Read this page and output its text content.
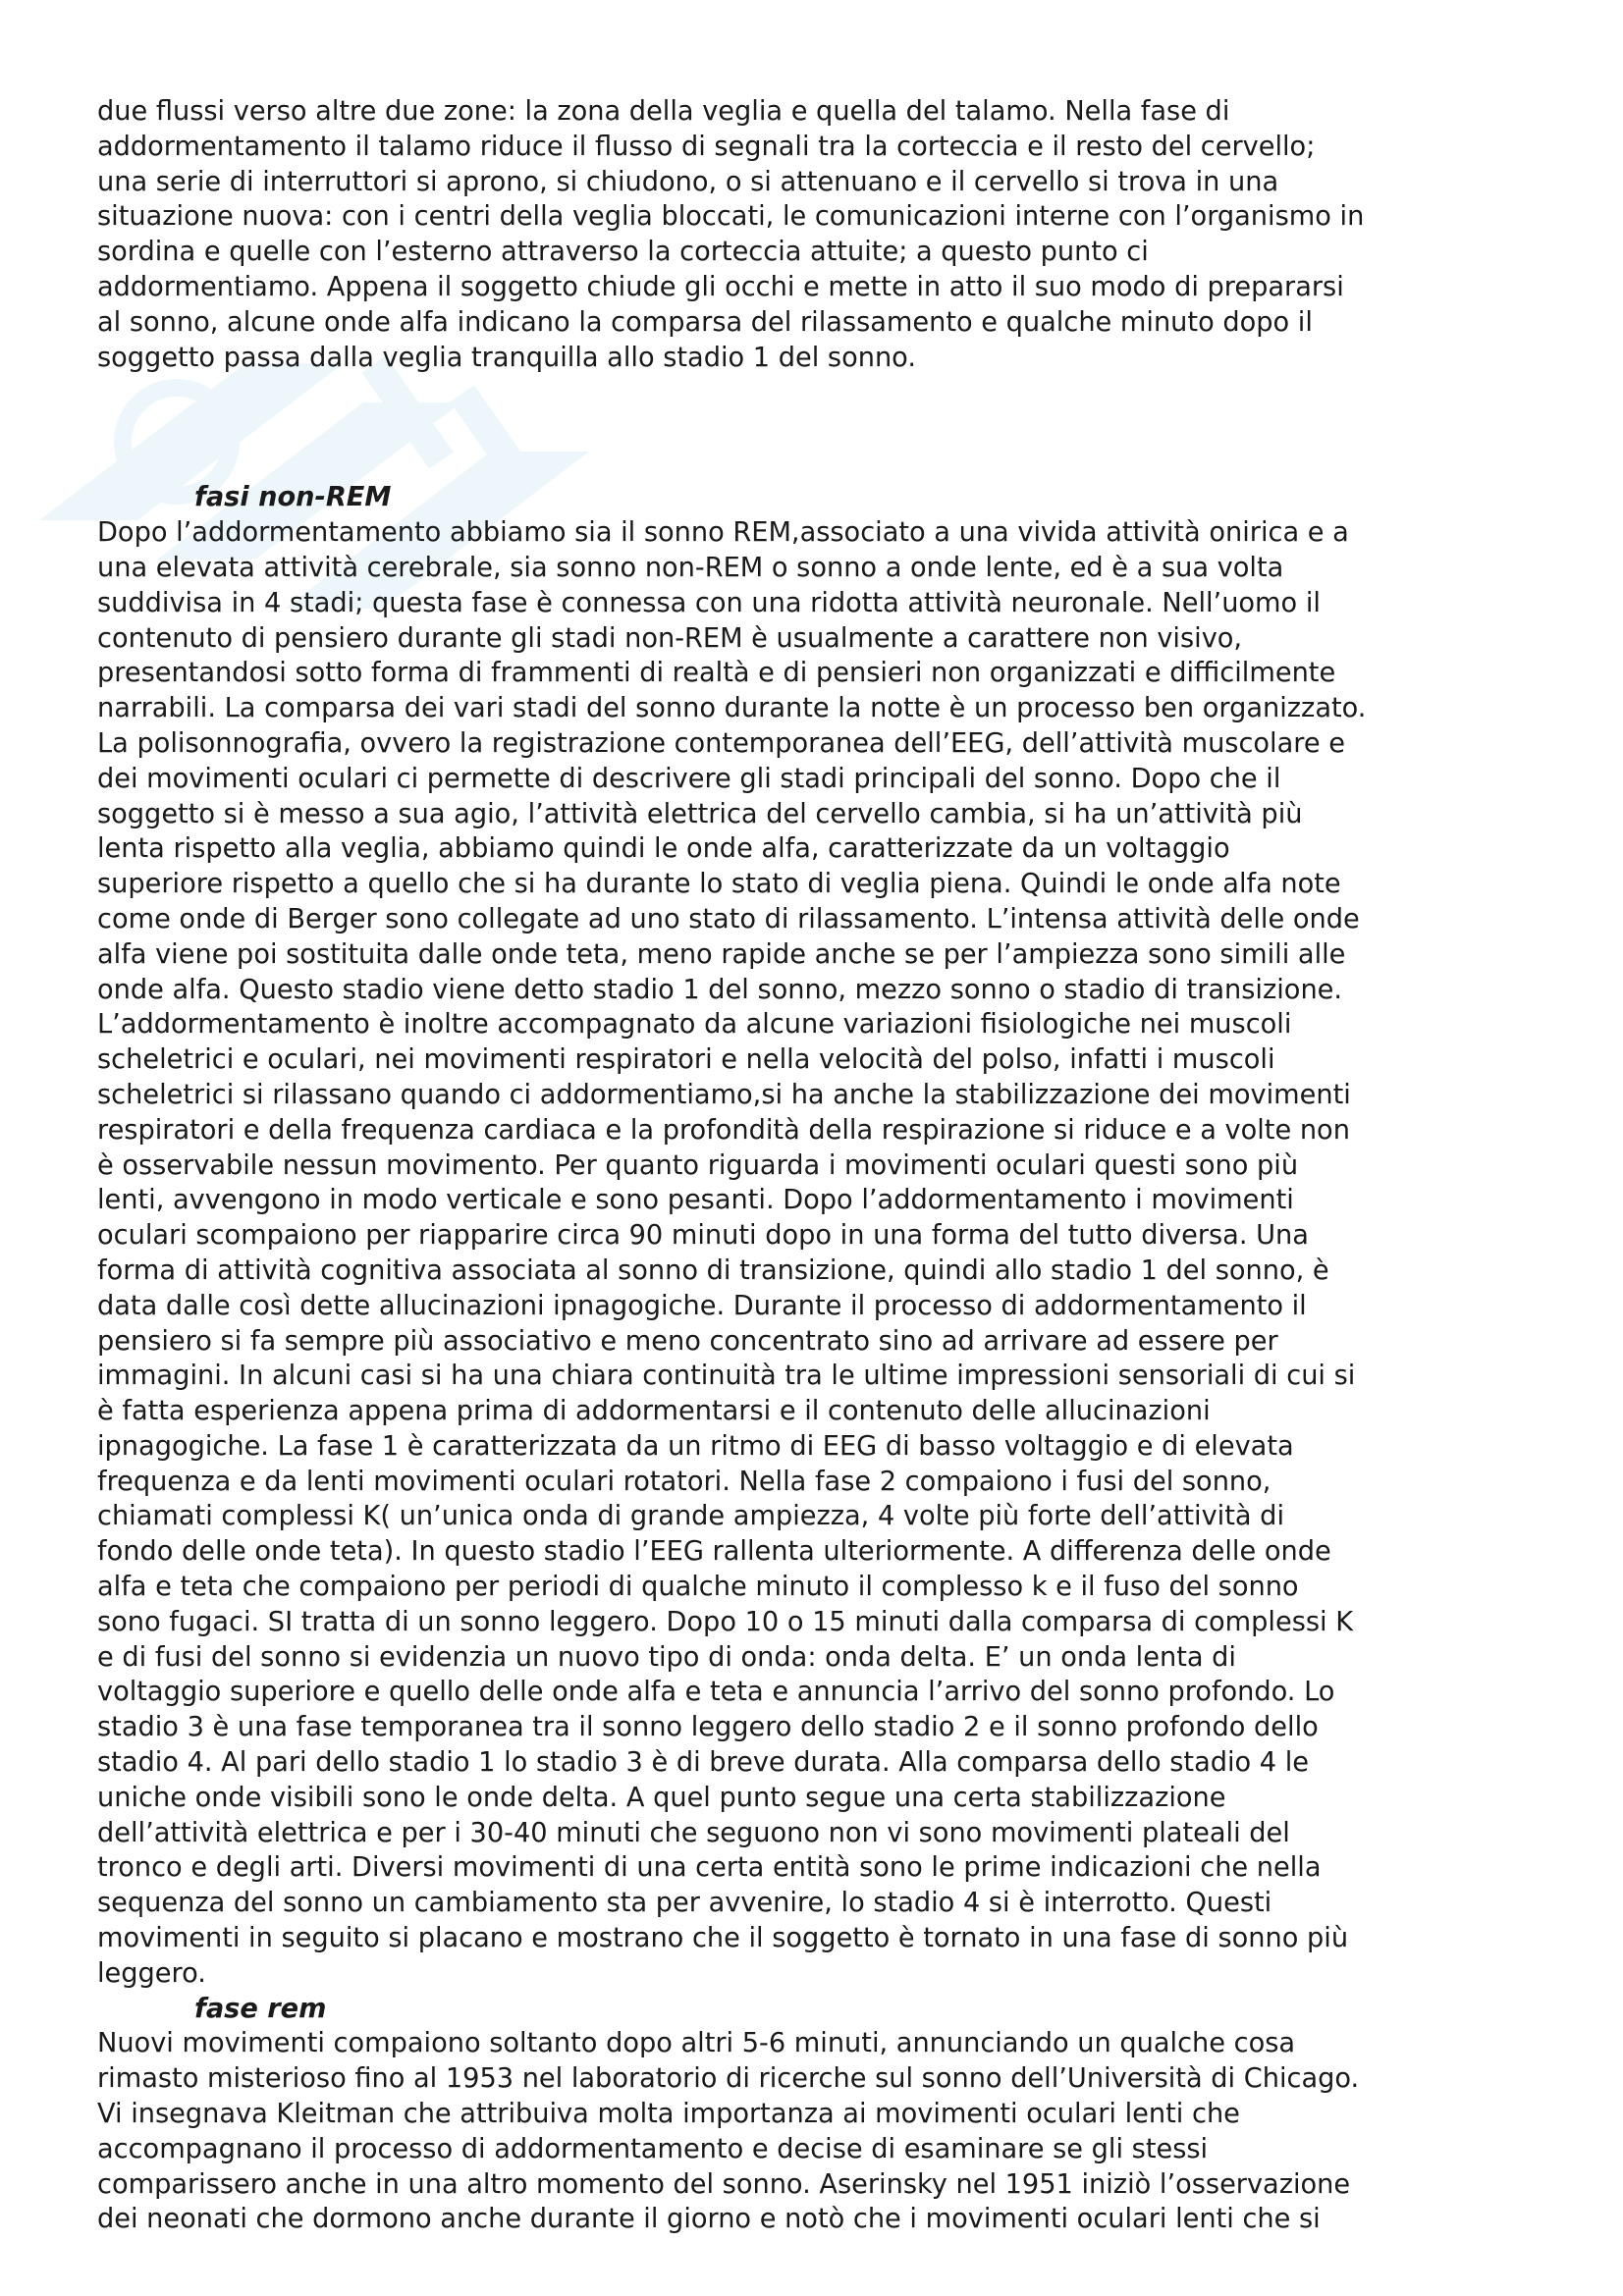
due flussi verso altre due zone: la zona della veglia e quella del talamo. Nella fase di
addormentamento il talamo riduce il flusso di segnali tra la corteccia e il resto del cervello;
una serie di interruttori si aprono, si chiudono, o si attenuano e il cervello si trova in una
situazione nuova: con i centri della veglia bloccati, le comunicazioni interne con l’organismo in
sordina e quelle con l’esterno attraverso la corteccia attuite; a questo punto ci
addormentiamo. Appena il soggetto chiude gli occhi e mette in atto il suo modo di prepararsi
al sonno, alcune onde alfa indicano la comparsa del rilassamento e qualche minuto dopo il
soggetto passa dalla veglia tranquilla allo stadio 1 del sonno.

fasi non-REM

Dopo l’addormentamento abbiamo sia il sonno REM,associato a una vivida attività onirica e a
una elevata attività cerebrale, sia sonno non-REM o sonno a onde lente, ed è a sua volta
suddivisa in 4 stadi; questa fase è connessa con una ridotta attività neuronale. Nell’uomo il
contenuto di pensiero durante gli stadi non-REM è usualmente a carattere non visivo,
presentandosi sotto forma di frammenti di realtà e di pensieri non organizzati e difficilmente
narrabili. La comparsa dei vari stadi del sonno durante la notte è un processo ben organizzato.
La polisonnografia, ovvero la registrazione contemporanea dell’EEG, dell’attività muscolare e
dei movimenti oculari ci permette di descrivere gli stadi principali del sonno. Dopo che il
soggetto si è messo a sua agio, l’attività elettrica del cervello cambia, si ha un’attività più
lenta rispetto alla veglia, abbiamo quindi le onde alfa, caratterizzate da un voltaggio
superiore rispetto a quello che si ha durante lo stato di veglia piena. Quindi le onde alfa note
come onde di Berger sono collegate ad uno stato di rilassamento. L’intensa attività delle onde
alfa viene poi sostituita dalle onde teta, meno rapide anche se per l’ampiezza sono simili alle
onde alfa. Questo stadio viene detto stadio 1 del sonno, mezzo sonno o stadio di transizione.
L’addormentamento è inoltre accompagnato da alcune variazioni fisiologiche nei muscoli
scheletrici e oculari, nei movimenti respiratori e nella velocità del polso, infatti i muscoli
scheletrici si rilassano quando ci addormentiamo,si ha anche la stabilizzazione dei movimenti
respiratori e della frequenza cardiaca e la profondità della respirazione si riduce e a volte non
è osservabile nessun movimento. Per quanto riguarda i movimenti oculari questi sono più
lenti, avvengono in modo verticale e sono pesanti. Dopo l’addormentamento i movimenti
oculari scompaiono per riapparire circa 90 minuti dopo in una forma del tutto diversa. Una
forma di attività cognitiva associata al sonno di transizione, quindi allo stadio 1 del sonno, è
data dalle così dette allucinazioni ipnagogiche. Durante il processo di addormentamento il
pensiero si fa sempre più associativo e meno concentrato sino ad arrivare ad essere per
immagini. In alcuni casi si ha una chiara continuità tra le ultime impressioni sensoriali di cui si
è fatta esperienza appena prima di addormentarsi e il contenuto delle allucinazioni
ipnagogiche. La fase 1 è caratterizzata da un ritmo di EEG di basso voltaggio e di elevata
frequenza e da lenti movimenti oculari rotatori. Nella fase 2 compaiono i fusi del sonno,
chiamati complessi K( un’unica onda di grande ampiezza, 4 volte più forte dell’attività di
fondo delle onde teta). In questo stadio l’EEG rallenta ulteriormente. A differenza delle onde
alfa e teta che compaiono per periodi di qualche minuto il complesso k e il fuso del sonno
sono fugaci. SI tratta di un sonno leggero. Dopo 10 o 15 minuti dalla comparsa di complessi K
e di fusi del sonno si evidenzia un nuovo tipo di onda: onda delta. E’ un onda lenta di
voltaggio superiore e quello delle onde alfa e teta e annuncia l’arrivo del sonno profondo. Lo
stadio 3 è una fase temporanea tra il sonno leggero dello stadio 2 e il sonno profondo dello
stadio 4. Al pari dello stadio 1 lo stadio 3 è di breve durata. Alla comparsa dello stadio 4 le
uniche onde visibili sono le onde delta. A quel punto segue una certa stabilizzazione
dell’attività elettrica e per i 30-40 minuti che seguono non vi sono movimenti plateali del
tronco e degli arti. Diversi movimenti di una certa entità sono le prime indicazioni che nella
sequenza del sonno un cambiamento sta per avvenire, lo stadio 4 si è interrotto. Questi
movimenti in seguito si placano e mostrano che il soggetto è tornato in una fase di sonno più
leggero.

fase rem

Nuovi movimenti compaiono soltanto dopo altri 5-6 minuti, annunciando un qualche cosa
rimasto misterioso fino al 1953 nel laboratorio di ricerche sul sonno dell’Università di Chicago.
Vi insegnava Kleitman che attribuiva molta importanza ai movimenti oculari lenti che
accompagnano il processo di addormentamento e decise di esaminare se gli stessi
comparissero anche in una altro momento del sonno. Aserinsky nel 1951 iniziò l’osservazione
dei neonati che dormono anche durante il giorno e notò che i movimenti oculari lenti che si
